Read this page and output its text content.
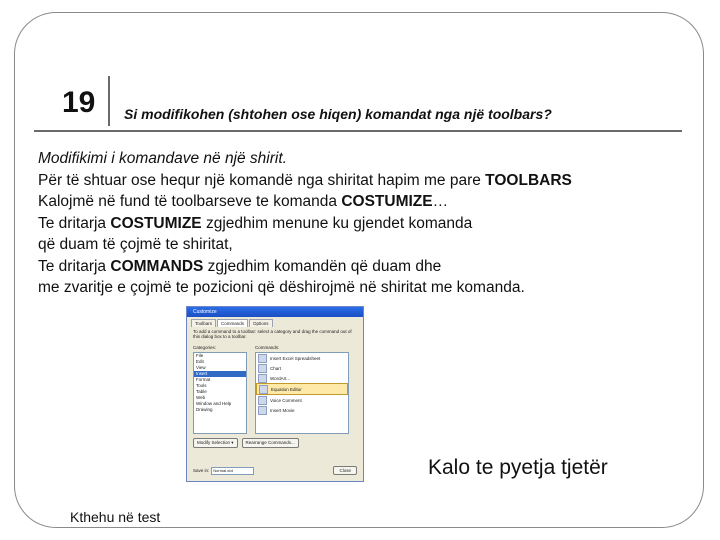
19 Si modifikohen (shtohen ose hiqen) komandat nga një toolbars?
Modifikimi i komandave në një shirit.
Për të shtuar ose hequr një komandë nga shiritat hapim me pare TOOLBARS
Kalojmë në fund të toolbarseve te komanda COSTUMIZE…
Te dritarja COSTUMIZE zgjedhim menune ku gjendet komanda
që duam të çojmë te shiritat,
Te dritarja COMMANDS zgjedhim komandën që duam dhe
me zvaritje e çojmë te pozicioni që dëshirojmë në shiritat me komanda.
Customize
Toolbars	Commands	Options
To add a command to a toolbar: select a category and drag the command out of this dialog box to a toolbar.
Categories:
File
Edit
View
Insert
Format
Tools
Table
Web
Window and Help
Drawing
Commands:
Insert Excel Spreadsheet
Chart
WordArt...
Equation Editor
Voice Comment
Insert Movie
Modify Selection ▾	Rearrange Commands...
Save in:	Normal.dot	Close	Kalo te pyetja tjetër
Kthehu në test
